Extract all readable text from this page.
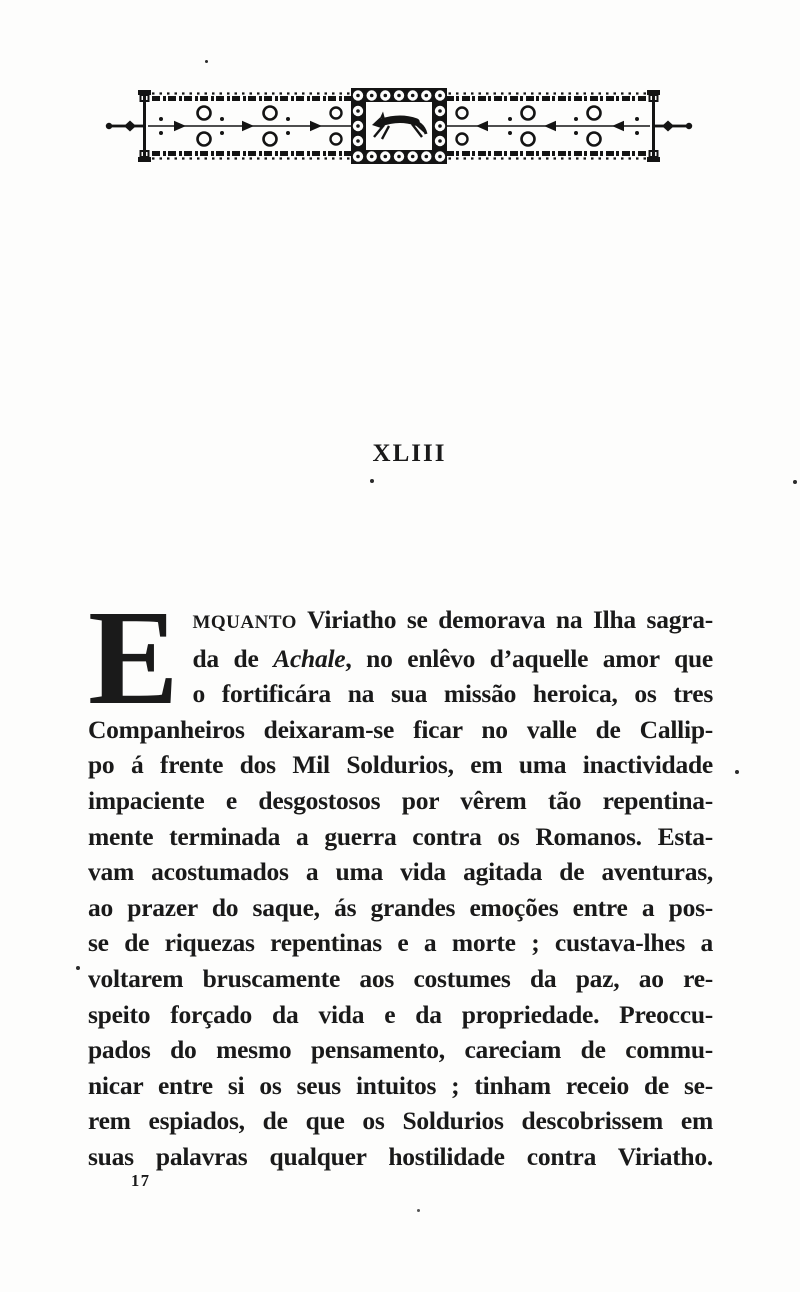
XLIII
E MQUANTO Viriatho se demorava na Ilha sagra-
da de Achale, no enlêvo d’aquelle amor que
o fortificára na sua missão heroica, os tres
Companheiros deixaram-se ficar no valle de Callip-
po á frente dos Mil Soldurios, em uma inactividade
impaciente e desgostosos por vêrem tão repentina-
mente terminada a guerra contra os Romanos. Esta-
vam acostumados a uma vida agitada de aventuras,
ao prazer do saque, ás grandes emoções entre a pos-
se de riquezas repentinas e a morte ; custava-lhes a
voltarem bruscamente aos costumes da paz, ao re-
speito forçado da vida e da propriedade. Preoccu-
pados do mesmo pensamento, careciam de commu-
nicar entre si os seus intuitos ; tinham receio de se-
rem espiados, de que os Soldurios descobrissem em
suas palavras qualquer hostilidade contra Viriatho.
17
